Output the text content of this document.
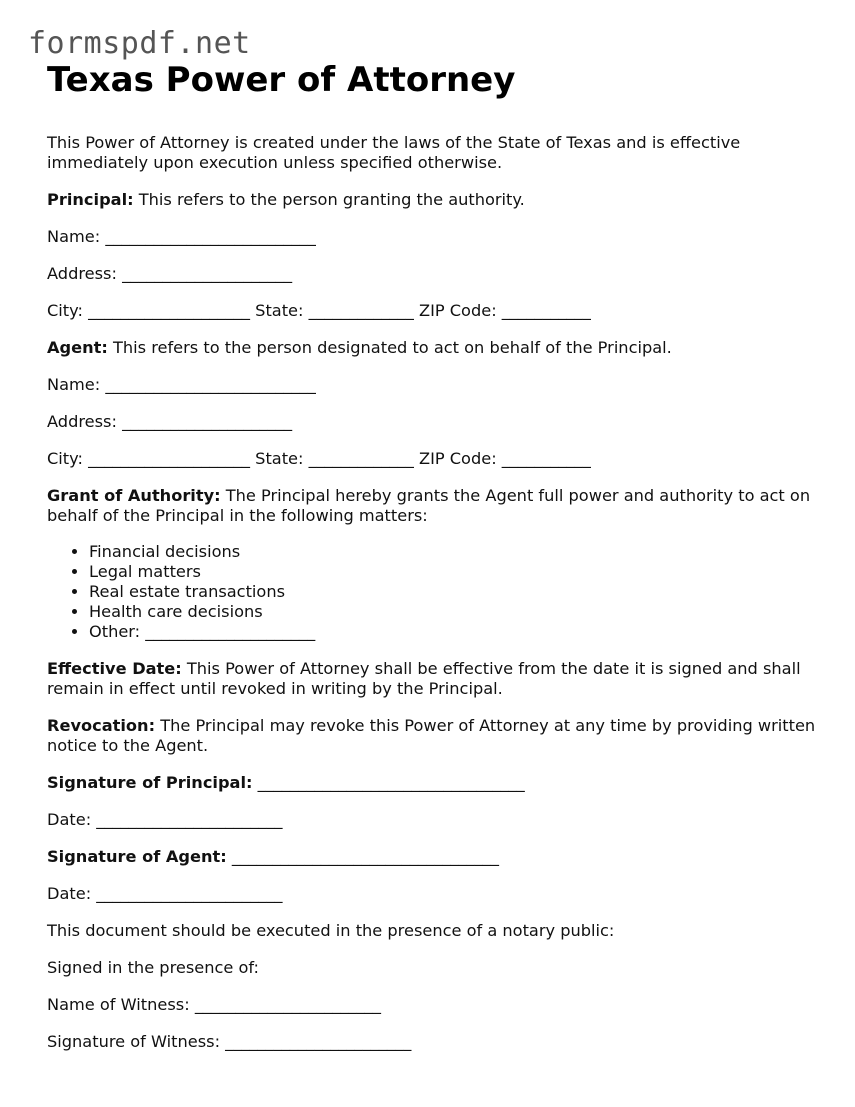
formspdf.net
Texas Power of Attorney

This Power of Attorney is created under the laws of the State of Texas and is effective immediately upon execution unless specified otherwise.

Principal: This refers to the person granting the authority.

Name: __________________________

Address: _____________________

City: ____________________ State: _____________ ZIP Code: ___________

Agent: This refers to the person designated to act on behalf of the Principal.

Name: __________________________

Address: _____________________

City: ____________________ State: _____________ ZIP Code: ___________

Grant of Authority: The Principal hereby grants the Agent full power and authority to act on behalf of the Principal in the following matters:

• Financial decisions
• Legal matters
• Real estate transactions
• Health care decisions
• Other: _____________________

Effective Date: This Power of Attorney shall be effective from the date it is signed and shall remain in effect until revoked in writing by the Principal.

Revocation: The Principal may revoke this Power of Attorney at any time by providing written notice to the Agent.

Signature of Principal: _________________________________

Date: _______________________

Signature of Agent: _________________________________

Date: _______________________

This document should be executed in the presence of a notary public:

Signed in the presence of:

Name of Witness: _______________________

Signature of Witness: _______________________
